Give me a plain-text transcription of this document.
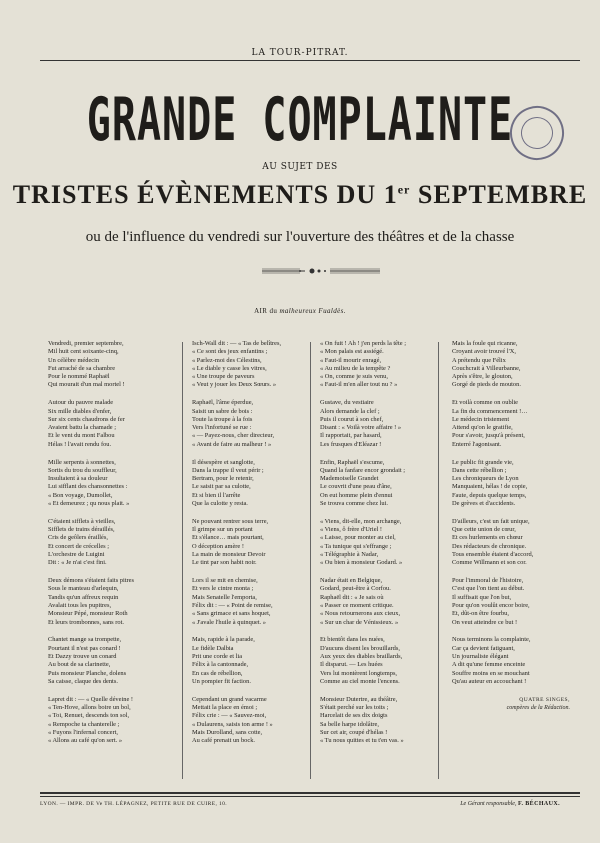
LA TOUR-PITRAT.
GRANDE COMPLAINTE
AU SUJET DES
TRISTES ÉVÈNEMENTS DU 1er SEPTEMBRE
ou de l'influence du vendredi sur l'ouverture des théâtres et de la chasse
AIR du malheureux Fualdès.
Vendredi, premier septembre,
Mil huit cent soixante-cinq,
Un célèbre médecin
Fut arraché de sa chambre
Pour le nommé Raphaël
Qui mourait d'un mal mortel !
Autour du pauvre malade
Six mille diables d'enfer,
Sur six cents chaudrons de fer
Avaient battu la chamade ;
Et le vent du mont Falbou
Hélas ! l'avait rendu fou.
Mille serpents à sonnettes,
Sortis du trou du souffleur,
Insultaient à sa douleur
Lui sifflant des chansonnettes :
« Bon voyage, Dumollet,
« Et demeurez ; qu nous plait. »
C'étaient sifflets à vieilles,
Sifflets de trains déraillés,
Cris de geôlers éraillés,
Et concert de crécelles ;
L'orchestre de Luigini
Dit : « Je n'ai c'est fini.
Deux démons s'étaient faits pitres
Sous le manteau d'arlequin,
Tandis qu'un affreux requin
Avalait tous les pupitres,
Monsieur Pépé, monsieur Roth
Et leurs trombonnes, sans rot.
Chantet mange sa trompette,
Pourtant il n'est pas conard !
Et Dazzy trouve un conard
Au bout de sa clarinette,
Puis monsieur Planche, dolens
Sa caisse, claque des dents.
Lapret dit : — « Quelle déveine !
« Ten-Hove, allons boire un bol,
« Toi, Renuet, descends ton sol,
« Rempoche ta chanterelle ;
« Fuyons l'infernal concert,
« Allons au café qu'on sert. »
Isch-Wall dit : — « Tas de belîtres,
« Ce sont des jeux enfantins ;
« Parlez-moi des Célestins,
« Le diable y casse les vitres,
« Une troupe de paveurs
« Veut y jouer les Deux Sœurs. »
Raphaël, l'âme éperdue,
Saisit un sabre de bois :
Toute la troupe à la fois
Vers l'infortuné se rue :
« — Payez-nous, cher directeur,
« Avant de faire au malheur ! »
Il désespère et sanglotte,
Dans la trappe il veut périr ;
Bertram, pour le retenir,
Le saisit par sa culotte,
Et si bien il l'arrête
Que la culotte y resta.
Ne pouvant rentrer sous terre,
Il grimpe sur un portant
Et s'élance… mais pourtant,
O déception amère !
La main de monsieur Devoir
Le tint par son habit noir.
Lors il se mit en chemise,
Et vers le cintre monta ;
Mais Senatelle l'emporta,
Félix dit : — « Point de remise,
« Sans grimace et sans hoquet,
« J'avale l'huile à quinquet. »
Mais, rapide à la parade,
Le fidèle Dalbia
Prit une corde et lia
Félix à la cantonnade,
En cas de rébellion,
Un pompier fit faction.
Cependant un grand vacarme
Mettait la place en émoi ;
Félix crie : — « Sauvez-moi,
« Dulaurens, saisis ton arme ! »
Mais Durolland, sans cotte,
Au café prenait un bock.
« On fuit ! Ah ! j'en perds la tête ;
« Mon palais est assiégé.
« Faut-il mourir enragé,
« Au milieu de la tempête ?
« On, comme je suis venu,
« Faut-il m'en aller tout nu ? »
Gustave, du vestiaire
Alors demande la clef ;
Puis il courut à son chef,
Disant : « Voilà votre affaire ! »
Il rapportait, par hasard,
Les frusques d'Eléazar !
Enfin, Raphaël s'escume,
Quand la fanfare encor grondait ;
Mademoiselle Grandet
Le couvrit d'une peau d'âne,
On eut homme plein d'ennui
Se trouva comme chez lui.
« Viens, dit-elle, mon archange,
« Viens, ô frère d'Uriel !
« Laisse, pour monter au ciel,
« Ta tunique qui s'effrange ;
« Télégraphie à Nadar,
« Ou bien à monsieur Godard. »
Nadar était en Belgique,
Godard, peut-être à Corfou.
Raphaël dit : « Je sais où
« Passer ce moment critique.
« Nous retournerons aux cieux,
« Sur un char de Vénissieux. »
Et bientôt dans les nuées,
D'aucuns disent les brouillards,
Aux yeux des diables braillards,
Il disparut. — Les huées
Vers lui montèrent longtemps,
Comme au ciel monte l'encens.
Monsieur Dutertre, au théâtre,
S'était perché sur les toits ;
Harcelait de ses dix doigts
Sa belle harpe idolâtre,
Sur cet air, coupé d'hélas !
« Tu nous quittes et tu t'en vas. »
Mais la foule qui ricanne,
Croyant avoir trouvé l'X,
A prétendu que Félix
Couchcrait à Villeurbanne,
Après s'être, le glouton,
Gorgé de pieds de mouton.
Et voilà comme on oublie
La fin du commencement !…
Le médecin tristement
Attend qu'on le gratifie,
Pour s'avoir, jusqu'à présent,
Enterré l'agonisant.
Le public fit grande vie,
Dans cette rébellion ;
Les chroniqueurs de Lyon
Manquaient, hélas ! de copie,
Faute, depuis quelque temps,
De grèves et d'accidents.
D'ailleurs, c'est un fait unique,
Que cette union de cœur,
Et ces hurlements en chœur
Des rédacteurs de chronique.
Tous ensemble étaient d'accord,
Comme Willmann et son cor.
Pour l'immoral de l'histoire,
C'est que l'on tient au début.
Il suffisait que l'on but,
Pour qu'on voulût encor boire,
Et, dût-on être fourbu,
On veut atteindre ce but !
Nous terminons la complainte,
Car ça devient fatiguant,
Un journaliste élégant
A dit qu'une femme enceinte
Souffre moins en se mouchant
Qu'au auteur en accouchant !
QUATRE SINGES,
compères de la Rédaction.
LYON. — IMPR. DE Ve TH. LÉPAGNEZ, PETITE RUE DE CUIRE, 10.	Le Gérant responsable, F. BÉCHAUX.
